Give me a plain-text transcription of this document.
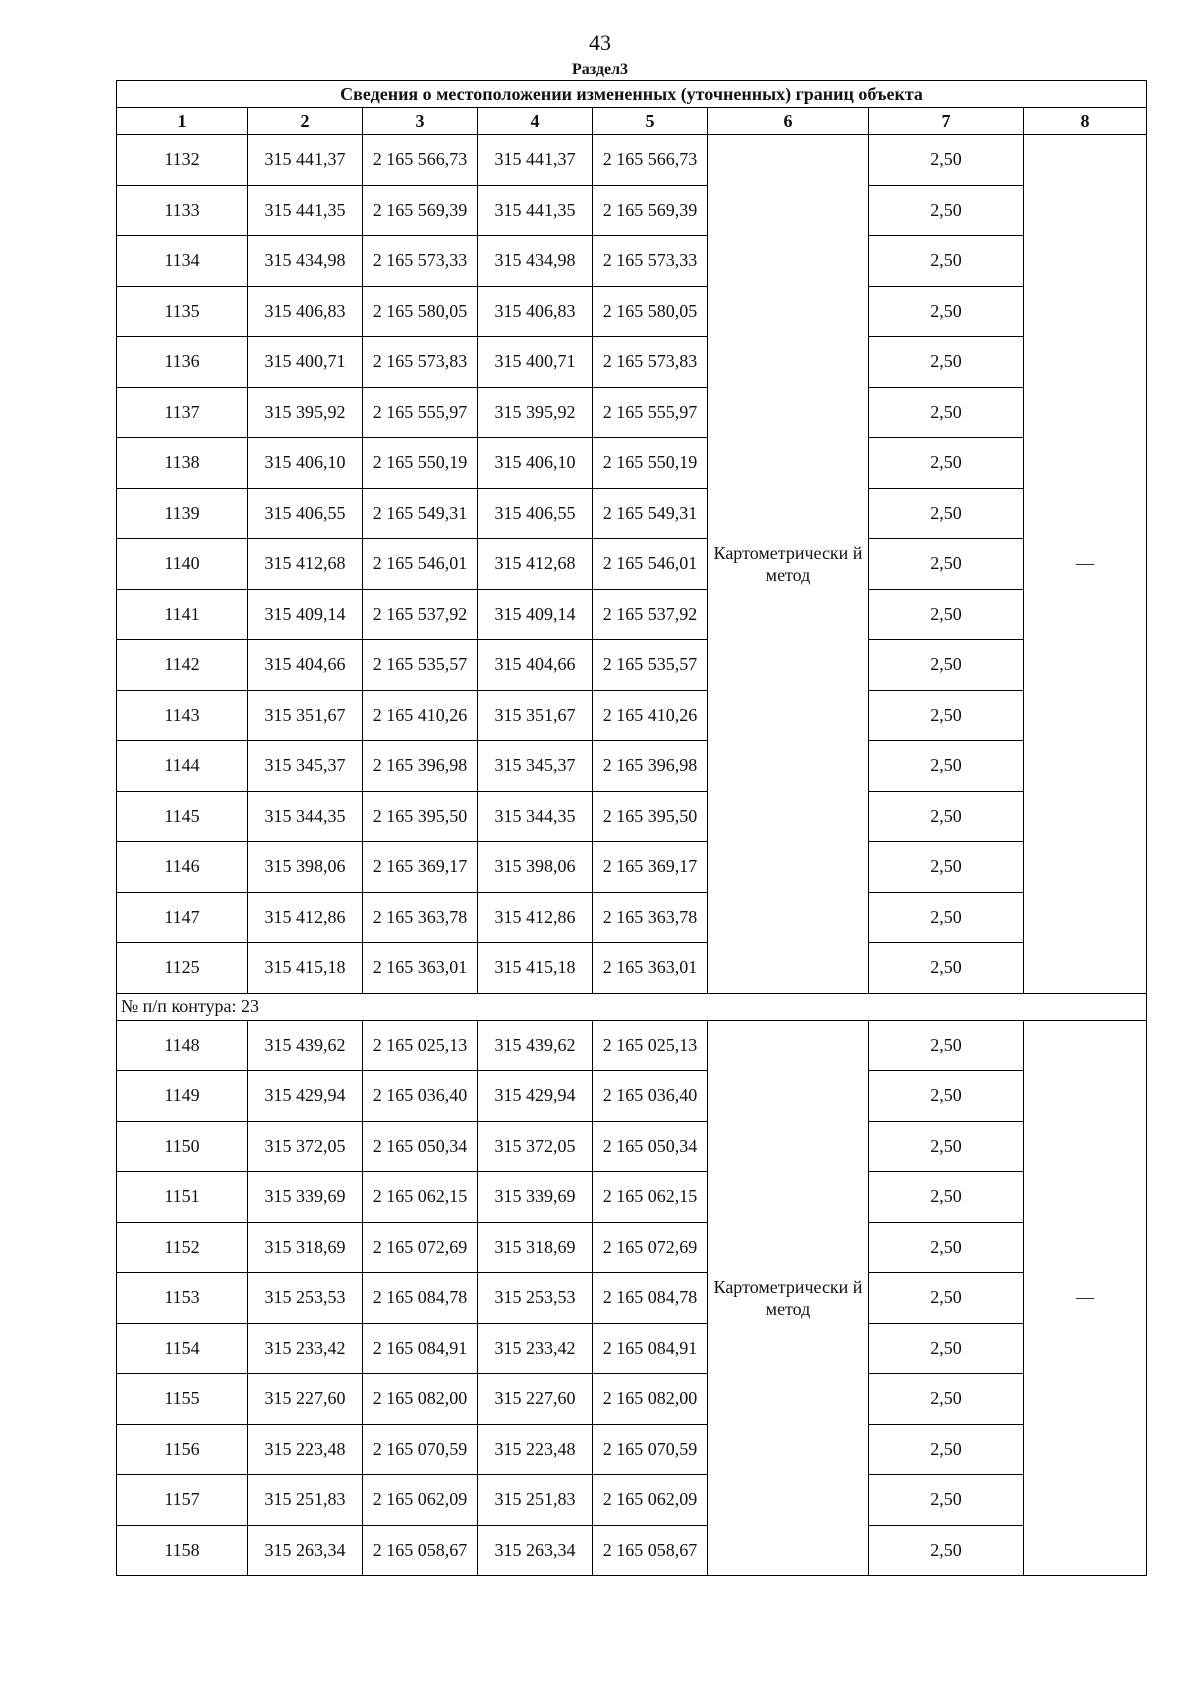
43
Раздел3
Сведения о местоположении измененных (уточненных) границ объекта							
1	2	3	4	5	6	7	8
1132	315 441,37	2 165 566,73	315 441,37	2 165 566,73	Картометрически й метод	2,50	—
1133	315 441,35	2 165 569,39	315 441,35	2 165 569,39		2,50	
1134	315 434,98	2 165 573,33	315 434,98	2 165 573,33		2,50	
1135	315 406,83	2 165 580,05	315 406,83	2 165 580,05		2,50	
1136	315 400,71	2 165 573,83	315 400,71	2 165 573,83		2,50	
1137	315 395,92	2 165 555,97	315 395,92	2 165 555,97		2,50	
1138	315 406,10	2 165 550,19	315 406,10	2 165 550,19		2,50	
1139	315 406,55	2 165 549,31	315 406,55	2 165 549,31		2,50	
1140	315 412,68	2 165 546,01	315 412,68	2 165 546,01		2,50	
1141	315 409,14	2 165 537,92	315 409,14	2 165 537,92		2,50	
1142	315 404,66	2 165 535,57	315 404,66	2 165 535,57		2,50	
1143	315 351,67	2 165 410,26	315 351,67	2 165 410,26		2,50	
1144	315 345,37	2 165 396,98	315 345,37	2 165 396,98		2,50	
1145	315 344,35	2 165 395,50	315 344,35	2 165 395,50		2,50	
1146	315 398,06	2 165 369,17	315 398,06	2 165 369,17		2,50	
1147	315 412,86	2 165 363,78	315 412,86	2 165 363,78		2,50	
1125	315 415,18	2 165 363,01	315 415,18	2 165 363,01		2,50	
№ п/п контура: 23							
1148	315 439,62	2 165 025,13	315 439,62	2 165 025,13	Картометрически й метод	2,50	—
1149	315 429,94	2 165 036,40	315 429,94	2 165 036,40		2,50	
1150	315 372,05	2 165 050,34	315 372,05	2 165 050,34		2,50	
1151	315 339,69	2 165 062,15	315 339,69	2 165 062,15		2,50	
1152	315 318,69	2 165 072,69	315 318,69	2 165 072,69		2,50	
1153	315 253,53	2 165 084,78	315 253,53	2 165 084,78		2,50	
1154	315 233,42	2 165 084,91	315 233,42	2 165 084,91		2,50	
1155	315 227,60	2 165 082,00	315 227,60	2 165 082,00		2,50	
1156	315 223,48	2 165 070,59	315 223,48	2 165 070,59		2,50	
1157	315 251,83	2 165 062,09	315 251,83	2 165 062,09		2,50	
1158	315 263,34	2 165 058,67	315 263,34	2 165 058,67		2,50	
